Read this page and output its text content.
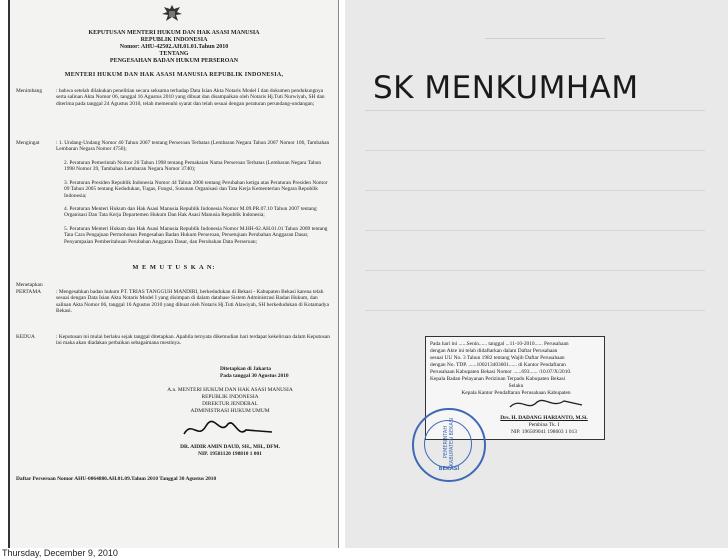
KEPUTUSAN MENTERI HUKUM DAN HAK ASASI MANUSIA
REPUBLIK INDONESIA
Nomor: AHU-42502.AH.01.01.Tahun 2010
TENTANG
PENGESAHAN BADAN HUKUM PERSEROAN
MENTERI HUKUM DAN HAK ASASI MANUSIA REPUBLIK INDONESIA,
Menimbang	: bahwa setelah dilakukan penelitian secara seksama terhadap Data Isian Akta Notaris Model I dan dokumen pendukungnya serta salinan Akta Nomor 06, tanggal 16 Agustus 2010 yang dibuat dan disampaikan oleh Notaris Hj.Tuti Nurwiyah, SH dan diterima pada tanggal 24 Agustus 2010, telah memenuhi syarat dan telah sesuai dengan peraturan perundang-undangan;
Mengingat	: 1. Undang-Undang Nomor 40 Tahun 2007 tentang Perseroan Terbatas (Lembaran Negara Tahun 2007 Nomor 106, Tambahan Lembaran Negara Nomor 4756);
2. Peraturan Pemerintah Nomor 26 Tahun 1998 tentang Pemakaian Nama Perseroan Terbatas (Lembaran Negara Tahun 1998 Nomor 39, Tambahan Lembaran Negara Nomor 3740);
3. Peraturan Presiden Republik Indonesia Nomor 44 Tahun 2006 tentang Perubahan ketiga atas Peraturan Presiden Nomor 09 Tahun 2005 tentang Kedudukan, Tugas, Fungsi, Susunan Organisasi dan Tata Kerja Kementerian Negara Republik Indonesia;
4. Peraturan Menteri Hukum dan Hak Asasi Manusia Republik Indonesia Nomor M.09.PR.07.10 Tahun 2007 tentang Organisasi Dan Tata Kerja Departemen Hukum Dan Hak Asasi Manusia Republik Indonesia;
5. Peraturan Menteri Hukum dan Hak Asasi Manusia Republik Indonesia Nomor M.HH-02.AH.01.01 Tahun 2009 tentang Tata Cara Pengajuan Permohonan Pengesahan Badan Hukum Perseroan, Persetujuan Perubahan Anggaran Dasar, Penyampaian Pemberitahuan Perubahan Anggaran Dasar, dan Perubahan Data Perseroan;
M E M U T U S K A N:
Menetapkan
PERTAMA	: Mengesahkan badan hukum PT. TRIAS TANGGUH MANDIRI, berkedudukan di Bekasi - Kabupaten Bekasi karena telah sesuai dengan Data Isian Akta Notaris Model I yang disimpan di dalam database Sistem Administrasi Badan Hukum, dan salinan Akta Nomor 06, tanggal 16 Agustus 2010 yang dibuat oleh Notaris Hj.Tuti Alawiyah, SH berkedudukan di Kotamadya Bekasi.
KEDUA	: Keputusan ini mulai berlaku sejak tanggal ditetapkan. Apabila ternyata dikemudian hari terdapat kekeliruan dalam Keputusan ini maka akan diadakan perbaikan sebagaimana mestinya.
Ditetapkan di Jakarta
Pada tanggal 30 Agustus 2010
A.n. MENTERI HUKUM DAN HAK ASASI MANUSIA
REPUBLIK INDONESIA
DIREKTUR JENDERAL
ADMINISTRASI HUKUM UMUM
DR. AIDIR AMIN DAUD, SH., MH., DFM.
NIP. 19581120 198810 1 001
Daftar Perseroan Nomor AHU-0064880.AH.01.09.Tahun 2010 Tanggal 30 Agustus 2010
SK MENKUMHAM
Pada hari ini ......Senin...... tanggal ...11-10-2010...... Perusahaan
dengan Akte ini telah didaftarkan dalam Daftar Perusahaan
sesuai UU No. 3 Tahun 1982 tentang Wajib Daftar Perusahaan
dengan No. TDP. ......100213403601...... di Kantor Pendaftaran
Perusahaan Kabupaten Bekasi Nomor ......693...... /10.07/X/2010.
Kepala Badan Pelayanan Perizinan Terpadu Kabupaten Bekasi
Selaku
Kepala Kantor Pendaftaran Perusahaan Kabupaten
Drs. H. DADANG HARIANTO, M.Si.
Pembina Tk. I
NIP. 196509041 198603 1 013
PEMERINTAH KABUPATEN BEKASI
BEKASI
Thursday, December 9, 2010
